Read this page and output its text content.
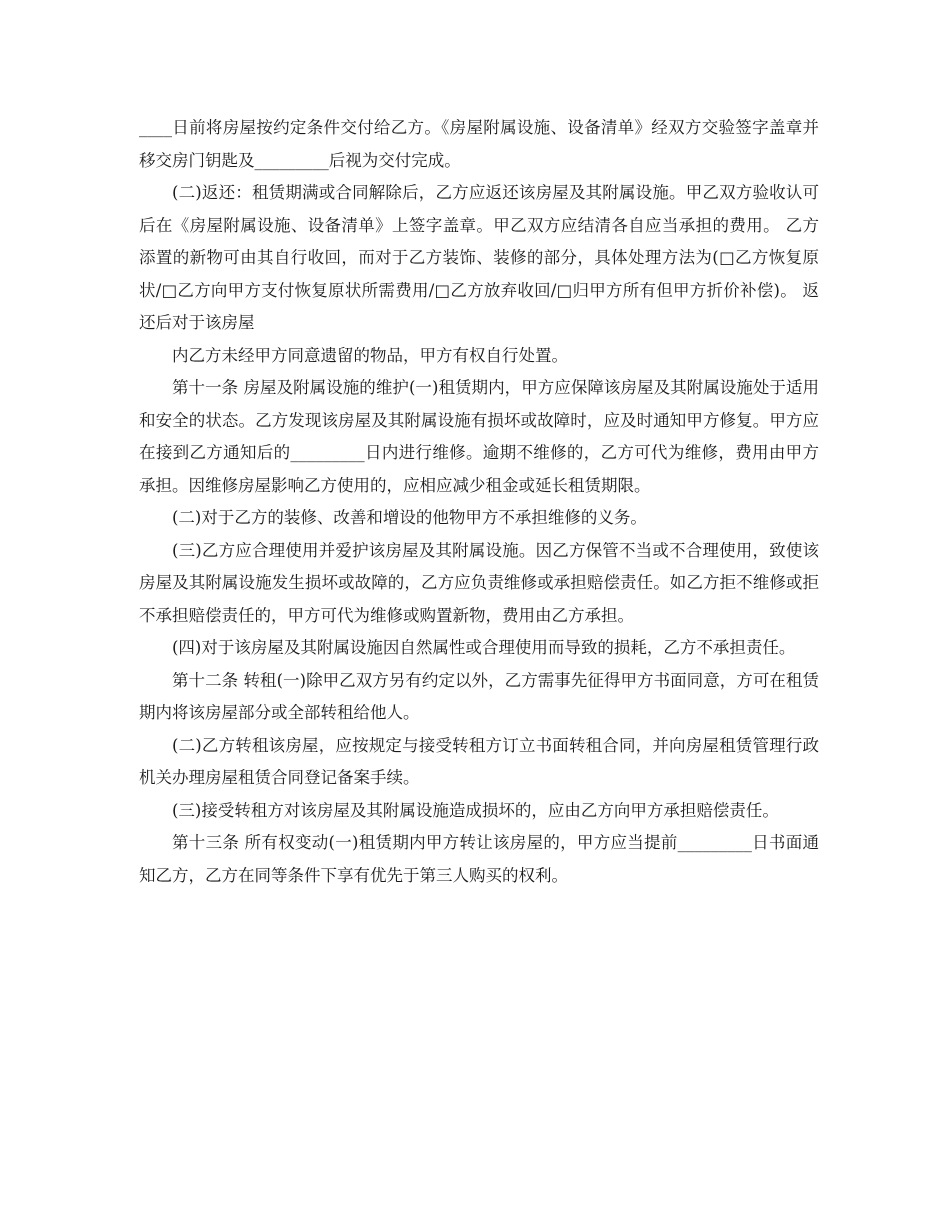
____日前将房屋按约定条件交付给乙方。《房屋附属设施、设备清单》经双方交验签字盖章并移交房门钥匙及_________后视为交付完成。

(二)返还：租赁期满或合同解除后，乙方应返还该房屋及其附属设施。甲乙双方验收认可后在《房屋附属设施、设备清单》上签字盖章。甲乙双方应结清各自应当承担的费用。 乙方添置的新物可由其自行收回，而对于乙方装饰、装修的部分，具体处理方法为(□乙方恢复原状/□乙方向甲方支付恢复原状所需费用/□乙方放弃收回/□归甲方所有但甲方折价补偿)。 返还后对于该房屋

内乙方未经甲方同意遗留的物品，甲方有权自行处置。

第十一条 房屋及附属设施的维护(一)租赁期内，甲方应保障该房屋及其附属设施处于适用和安全的状态。乙方发现该房屋及其附属设施有损坏或故障时，应及时通知甲方修复。甲方应在接到乙方通知后的_________日内进行维修。逾期不维修的，乙方可代为维修，费用由甲方承担。因维修房屋影响乙方使用的，应相应减少租金或延长租赁期限。

(二)对于乙方的装修、改善和增设的他物甲方不承担维修的义务。

(三)乙方应合理使用并爱护该房屋及其附属设施。因乙方保管不当或不合理使用，致使该房屋及其附属设施发生损坏或故障的，乙方应负责维修或承担赔偿责任。如乙方拒不维修或拒不承担赔偿责任的，甲方可代为维修或购置新物，费用由乙方承担。

(四)对于该房屋及其附属设施因自然属性或合理使用而导致的损耗，乙方不承担责任。

第十二条 转租(一)除甲乙双方另有约定以外，乙方需事先征得甲方书面同意，方可在租赁期内将该房屋部分或全部转租给他人。

(二)乙方转租该房屋，应按规定与接受转租方订立书面转租合同，并向房屋租赁管理行政机关办理房屋租赁合同登记备案手续。

(三)接受转租方对该房屋及其附属设施造成损坏的，应由乙方向甲方承担赔偿责任。

第十三条 所有权变动(一)租赁期内甲方转让该房屋的，甲方应当提前_________日书面通知乙方，乙方在同等条件下享有优先于第三人购买的权利。
